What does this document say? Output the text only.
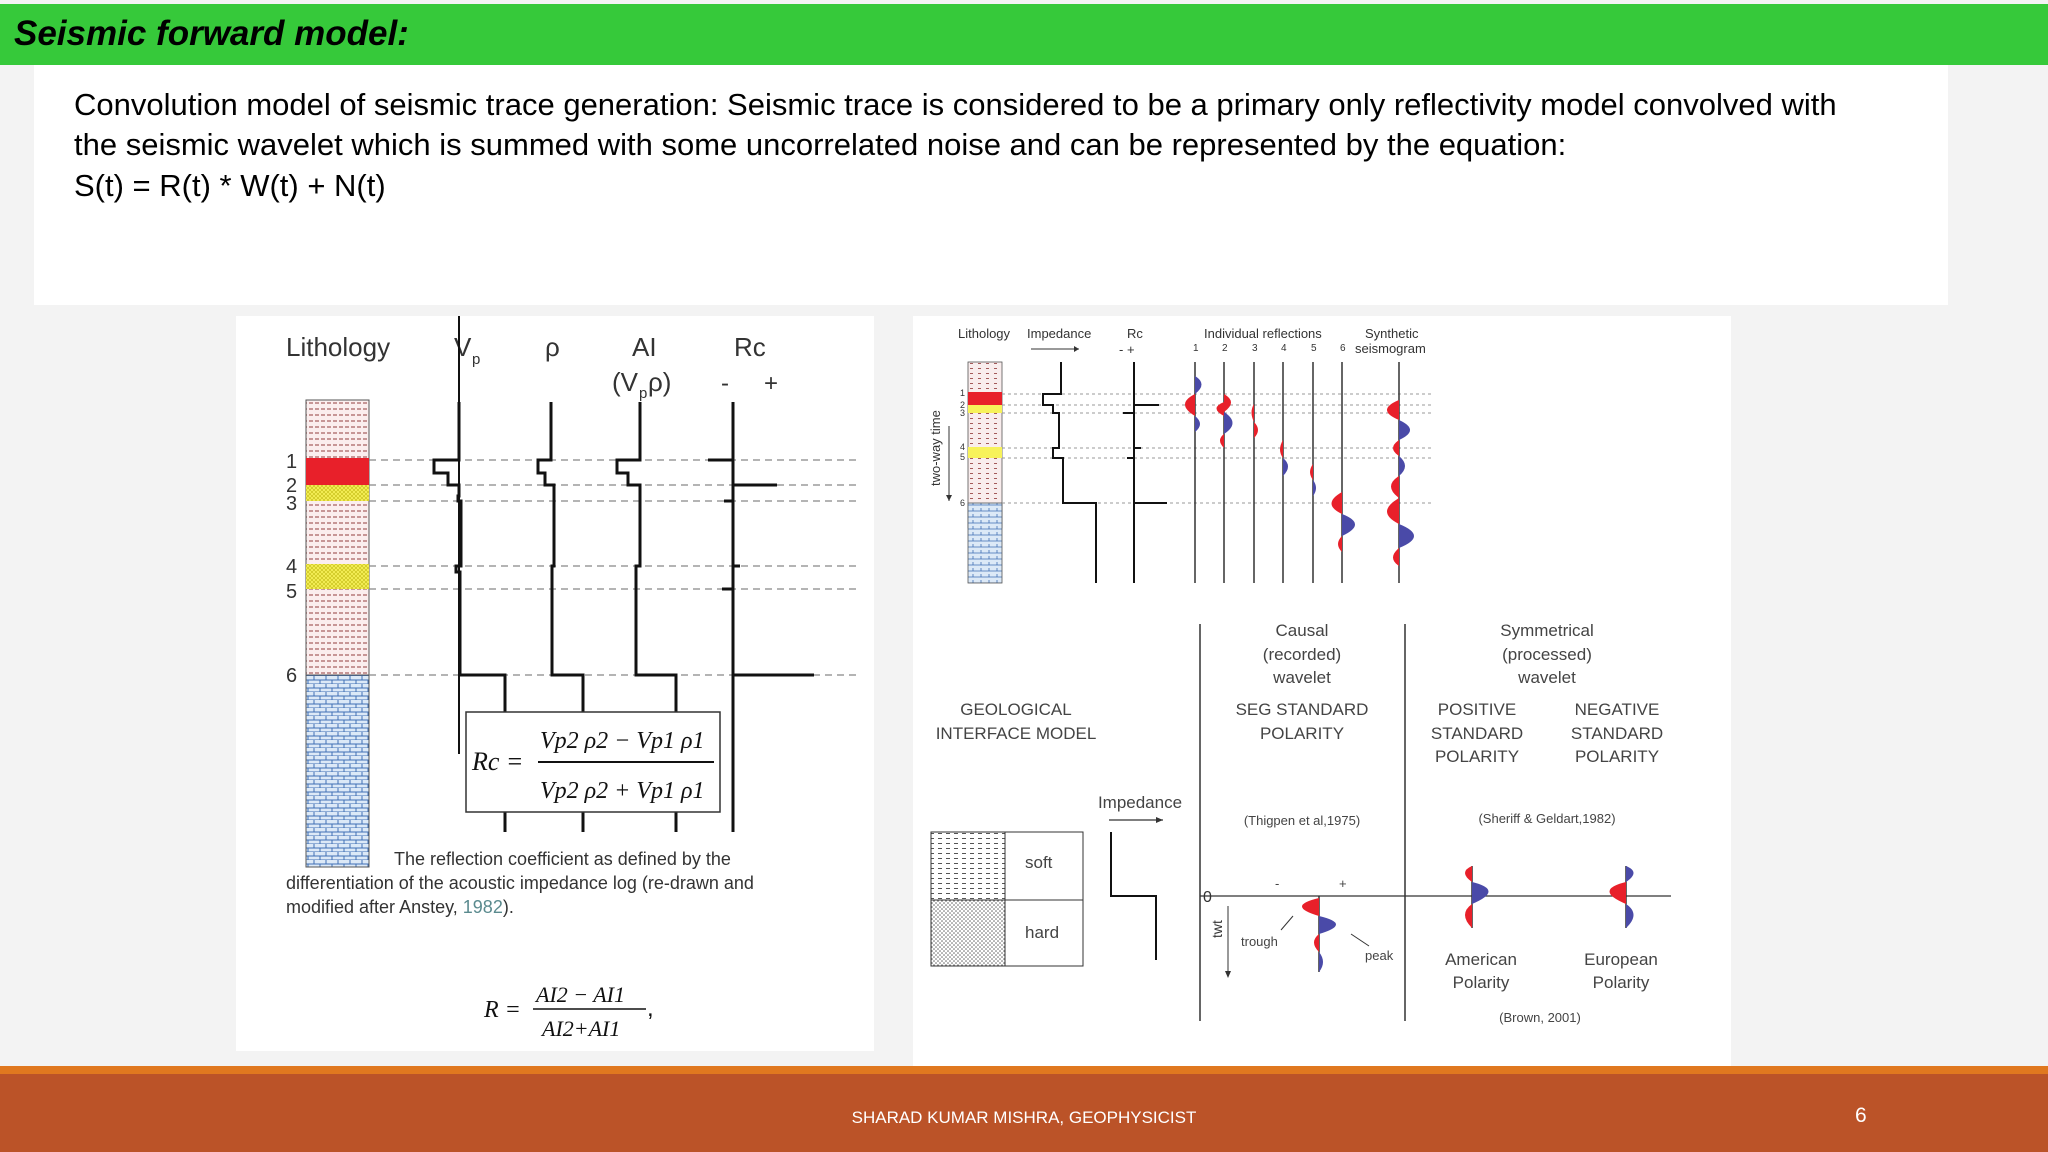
Seismic forward model:
Convolution model of seismic trace generation: Seismic trace is considered to be a primary only reflectivity model convolved with
the seismic wavelet which is summed with some uncorrelated noise and can be represented by the equation:
S(t) = R(t) * W(t) + N(t)
Lithology V p ρ	AI
(V p ρ)
Rc
- +
1
2
3
4
5
6
Rc =
Vp2 ρ2 − Vp1 ρ1
Vp2 ρ2 + Vp1 ρ1
The reflection coefficient as defined by the
differentiation of the acoustic impedance log (re-drawn and
modified after Anstey, 1982).
R =
AI2 − AI1
AI2+AI1
,
Lithology Impedance	Rc
- +
Individual reflections
1 2 3 4 5 6
Synthetic
seismogram
two-way time
1
2
3
4
5
6
Causal
(recorded)
wavelet
Symmetrical
(processed)
wavelet
GEOLOGICAL
INTERFACE MODEL
SEG STANDARD
POLARITY
POSITIVE
STANDARD
POLARITY
NEGATIVE
STANDARD
POLARITY
Impedance
(Thigpen et al,1975)	(Sheriff & Geldart,1982)
soft
hard
0
twt
-	+
trough
peak	American
Polarity
European
Polarity
(Brown, 2001)
SHARAD KUMAR MISHRA, GEOPHYSICIST	6
